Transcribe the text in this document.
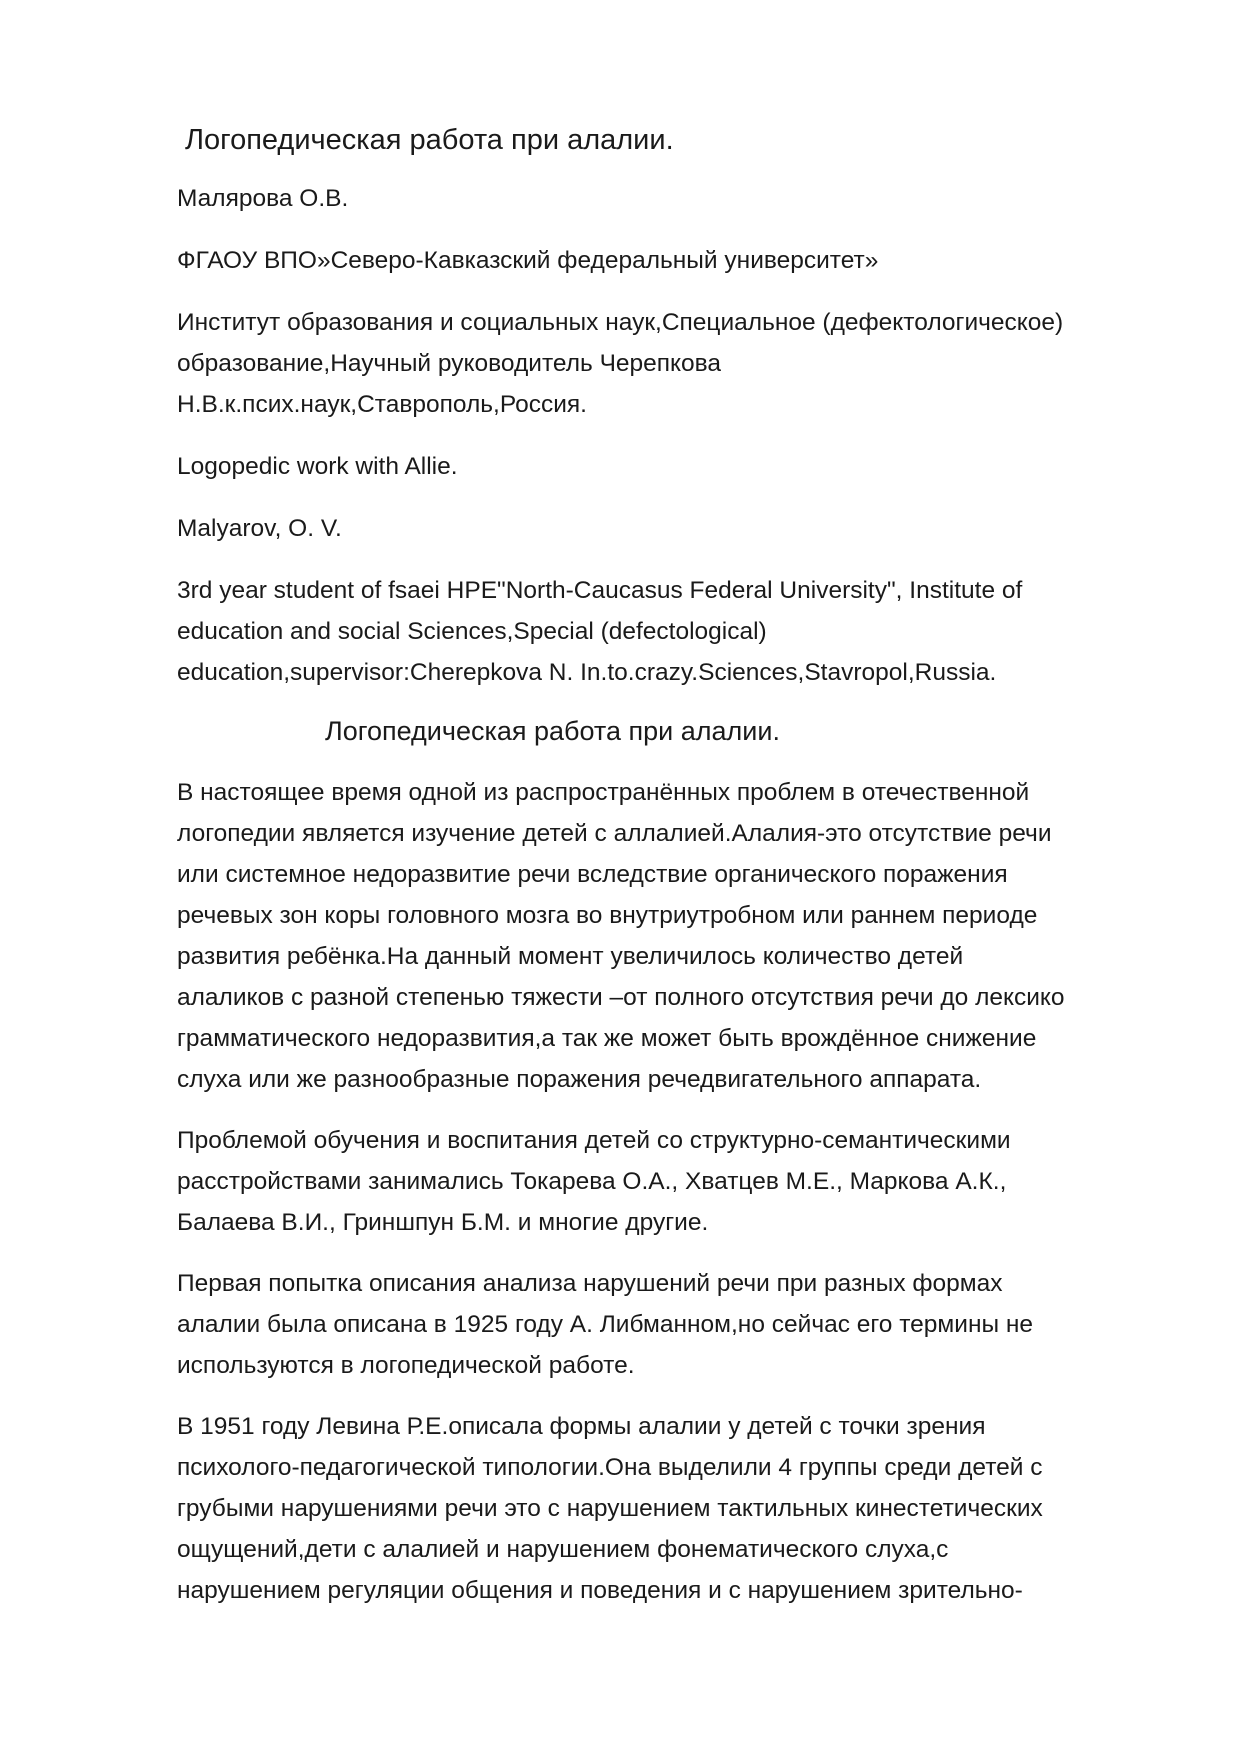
Логопедическая работа при алалии.

Малярова О.В.

ФГАОУ ВПО»Северо-Кавказский федеральный университет»

Институт образования и социальных наук,Специальное (дефектологическое)
образование,Научный руководитель Черепкова
Н.В.к.псих.наук,Ставрополь,Россия.

Logopedic work with Allie.

Malyarov, O. V.

3rd year student of fsaei HPE"North-Caucasus Federal University", Institute of
education and social Sciences,Special (defectological)
education,supervisor:Cherepkova N. In.to.crazy.Sciences,Stavropol,Russia.

Логопедическая работа при алалии.

В настоящее время одной из распространённых проблем в отечественной
логопедии является изучение детей с аллалией.Алалия-это отсутствие речи
или системное недоразвитие речи вследствие органического поражения
речевых зон коры головного мозга во внутриутробном или раннем периоде
развития ребёнка.На данный момент увеличилось количество детей
алаликов с разной степенью тяжести –от полного отсутствия речи до лексико
грамматического недоразвития,а так же может быть врождённое снижение
слуха или же разнообразные поражения речедвигательного аппарата.

Проблемой обучения и воспитания детей со структурно-семантическими
расстройствами занимались Токарева О.А., Хватцев М.Е., Маркова А.К.,
Балаева В.И., Гриншпун Б.М. и многие другие.

Первая попытка описания анализа нарушений речи при разных формах
алалии была описана в 1925 году А. Либманном,но сейчас его термины не
используются в логопедической работе.

В 1951 году Левина Р.Е.описала формы алалии у детей с точки зрения
психолого-педагогической типологии.Она выделили 4 группы среди детей с
грубыми нарушениями речи это с нарушением тактильных кинестетических
ощущений,дети с алалией и нарушением фонематического слуха,с
нарушением регуляции общения и поведения и с нарушением зрительно-
